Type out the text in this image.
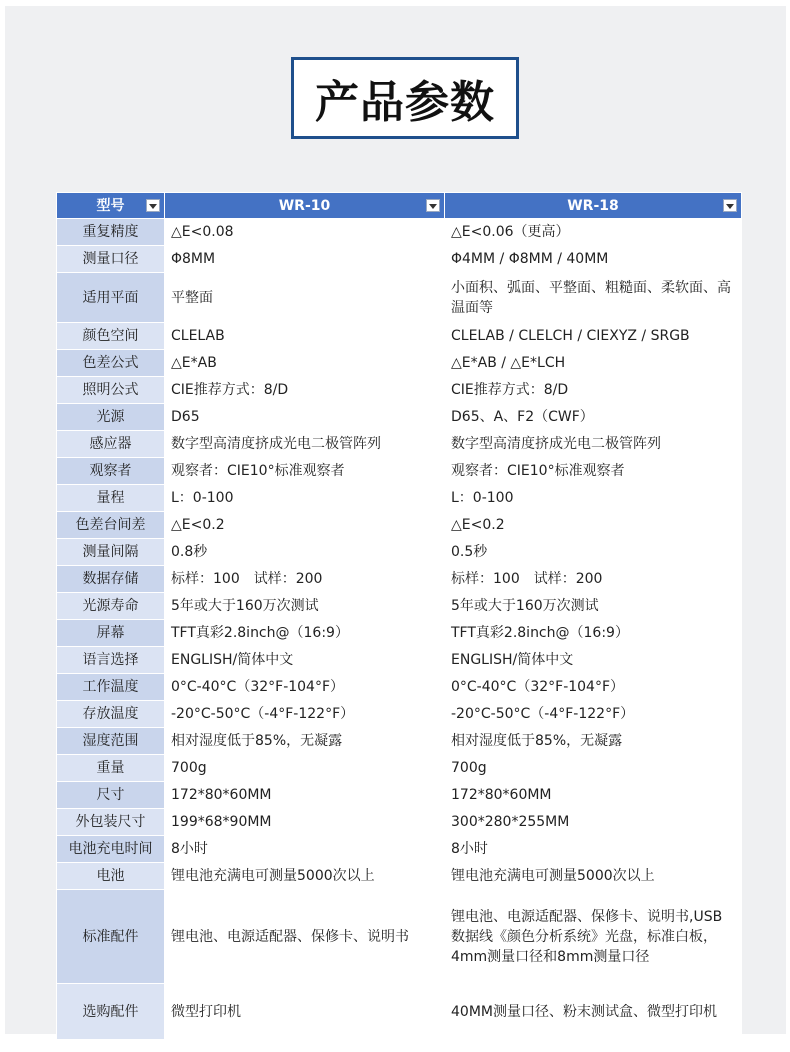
产品参数
型号	WR-10	WR-18

重复精度	△E<0.08	△E<0.06（更高）
测量口径	Φ8MM	Φ4MM / Φ8MM / 40MM
适用平面	平整面	小面积、弧面、平整面、粗糙面、柔软面、高温面等
颜色空间	CLELAB	CLELAB / CLELCH / CIEXYZ / SRGB
色差公式	△E*AB	△E*AB / △E*LCH
照明公式	CIE推荐方式：8/D	CIE推荐方式：8/D
光源	D65	D65、A、F2（CWF）
感应器	数字型高清度挤成光电二极管阵列	数字型高清度挤成光电二极管阵列
观察者	观察者：CIE10°标准观察者	观察者：CIE10°标准观察者
量程	L：0-100	L：0-100
色差台间差	△E<0.2	△E<0.2
测量间隔	0.8秒	0.5秒
数据存储	标样：100　试样：200	标样：100　试样：200
光源寿命	5年或大于160万次测试	5年或大于160万次测试
屏幕	TFT真彩2.8inch@（16:9）	TFT真彩2.8inch@（16:9）
语言选择	ENGLISH/简体中文	ENGLISH/简体中文
工作温度	0°C-40°C（32°F-104°F）	0°C-40°C（32°F-104°F）
存放温度	-20°C-50°C（-4°F-122°F）	-20°C-50°C（-4°F-122°F）
湿度范围	相对湿度低于85%，无凝露	相对湿度低于85%，无凝露
重量	700g	700g
尺寸	172*80*60MM	172*80*60MM
外包装尺寸	199*68*90MM	300*280*255MM
电池充电时间	8小时	8小时
电池	锂电池充满电可测量5000次以上	锂电池充满电可测量5000次以上
标准配件	锂电池、电源适配器、保修卡、说明书	锂电池、电源适配器、保修卡、说明书,USB数据线《颜色分析系统》光盘，标准白板，4mm测量口径和8mm测量口径
选购配件	微型打印机	40MM测量口径、粉末测试盒、微型打印机
